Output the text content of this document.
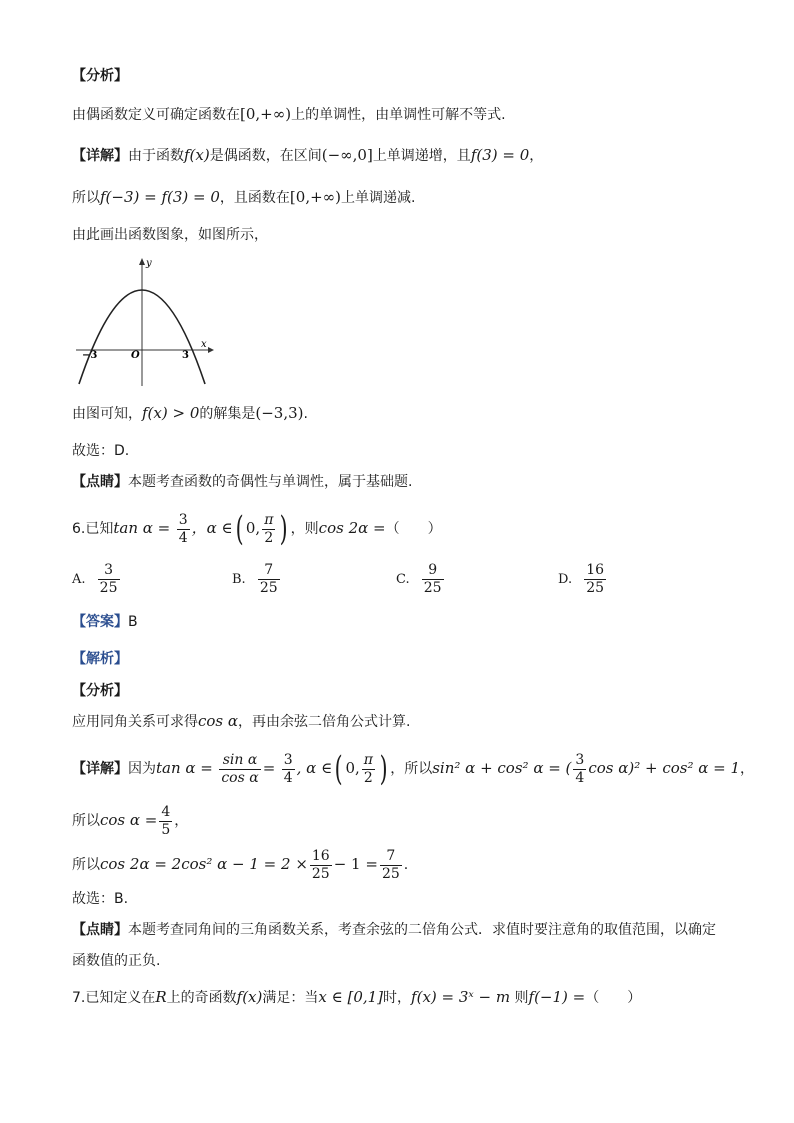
【分析】
由偶函数定义可确定函数在[0,+∞)上的单调性，由单调性可解不等式.
【详解】由于函数f(x)是偶函数，在区间(−∞,0]上单调递增，且f(3) = 0，
所以f(−3) = f(3) = 0，且函数在[0,+∞)上单调递减.
由此画出函数图象，如图所示，
y
x
O
−3	3
由图可知，f(x) > 0的解集是(−3,3).
故选：D.
【点睛】本题考查函数的奇偶性与单调性，属于基础题.
6.已知$\tan \alpha = \frac{3}{4}$ ，α ∈( 0, $\frac{\pi}{2}$ ) ，则cos 2α =（　　）
A. $\frac{3}{25}$	B. $\frac{7}{25}$	C. $\frac{9}{25}$	D. $\frac{16}{25}$
【答案】B
【解析】
【分析】
应用同角关系可求得cos α，再由余弦二倍角公式计算.
【详解】因为$\tan \alpha = \frac{\text{sin α}}{\text{cos α}} = \frac{3}{4}$ , α ∈( 0, $\frac{\pi}{2}$ ) ，所以sin² α + cos² α = ( $\frac{3}{4}$ cos α)² + cos² α = 1，
所以$\cos \alpha = \frac{4}{5}$ ，
所以cos 2α = 2cos² $\alpha - 1 = 2 \times \frac{16}{25} - 1 = \frac{7}{25}$ .
故选：B.
【点睛】本题考查同角间的三角函数关系，考查余弦的二倍角公式．求值时要注意角的取值范围，以确定
函数值的正负.
7.已知定义在R上的奇函数f(x)满足：当x ∈ [0,1]时，f(x) = 3ˣ − m 则f(−1) =（　　）
